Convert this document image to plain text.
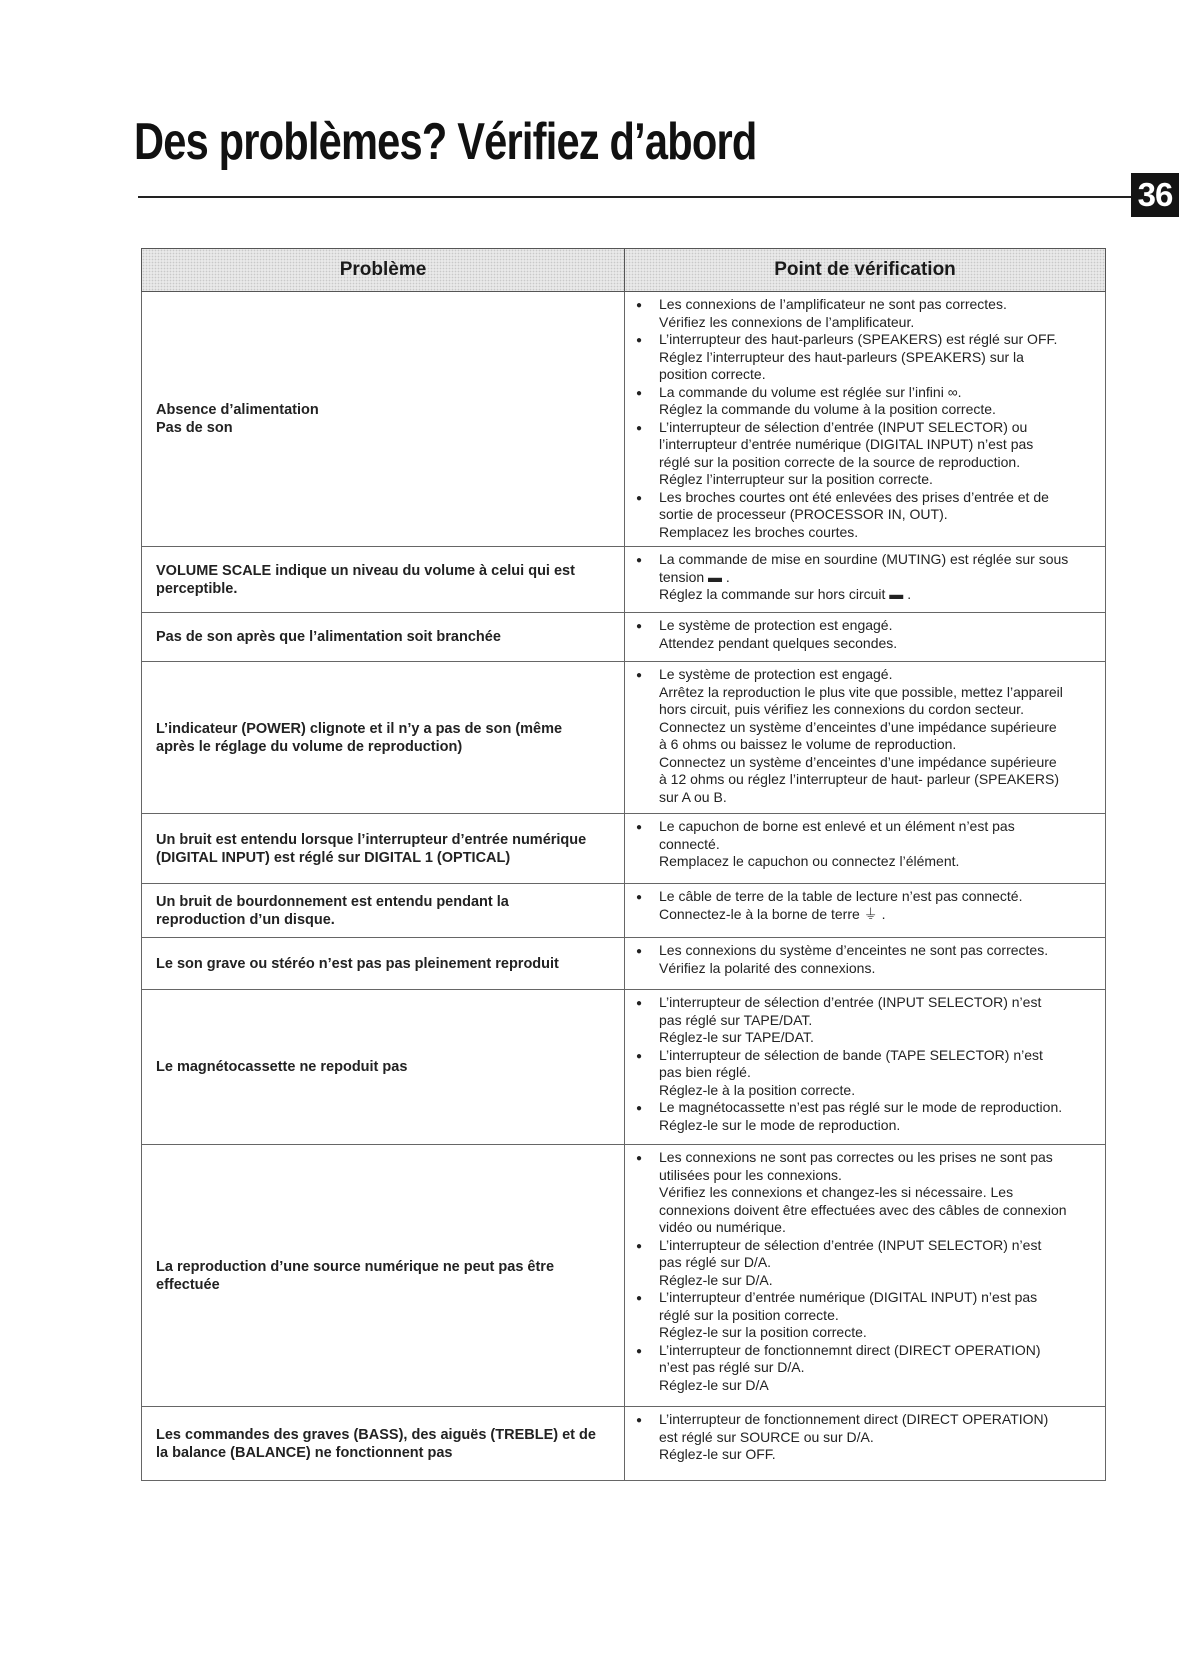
Des problèmes? Vérifiez d’abord
36
Problème	Point de vérification
Absence d’alimentation
Pas de son
●
Les connexions de l’amplificateur ne sont pas correctes.
Vérifiez les connexions de l’amplificateur.
●
L’interrupteur des haut-parleurs (SPEAKERS) est réglé sur OFF.
Réglez l’interrupteur des haut-parleurs (SPEAKERS) sur la
position correcte.
●
La commande du volume est réglée sur l’infini ∞.
Réglez la commande du volume à la position correcte.
●
L’interrupteur de sélection d’entrée (INPUT SELECTOR) ou
l’interrupteur d’entrée numérique (DIGITAL INPUT) n’est pas
réglé sur la position correcte de la source de reproduction.
Réglez l’interrupteur sur la position correcte.
●
Les broches courtes ont été enlevées des prises d’entrée et de
sortie de processeur (PROCESSOR IN, OUT).
Remplacez les broches courtes.
VOLUME SCALE indique un niveau du volume à celui qui est
perceptible.
●
La commande de mise en sourdine (MUTING) est réglée sur sous
tension ▬ .
Réglez la commande sur hors circuit ▬ .
Pas de son après que l’alimentation soit branchée
●
Le système de protection est engagé.
Attendez pendant quelques secondes.
L’indicateur (POWER) clignote et il n’y a pas de son (même
après le réglage du volume de reproduction)
●
Le système de protection est engagé.
Arrêtez la reproduction le plus vite que possible, mettez l’appareil
hors circuit, puis vérifiez les connexions du cordon secteur.
Connectez un système d’enceintes d’une impédance supérieure
à 6 ohms ou baissez le volume de reproduction.
Connectez un système d’enceintes d’une impédance supérieure
à 12 ohms ou réglez l’interrupteur de haut- parleur (SPEAKERS)
sur A ou B.
Un bruit est entendu lorsque l’interrupteur d’entrée numérique
(DIGITAL INPUT) est réglé sur DIGITAL 1 (OPTICAL)
●
Le capuchon de borne est enlevé et un élément n’est pas
connecté.
Remplacez le capuchon ou connectez l’élément.
Un bruit de bourdonnement est entendu pendant la
reproduction d’un disque.
●
Le câble de terre de la table de lecture n’est pas connecté.
Connectez-le à la borne de terre ⏚ .
Le son grave ou stéréo n’est pas pas pleinement reproduit
●
Les connexions du système d’enceintes ne sont pas correctes.
Vérifiez la polarité des connexions.
Le magnétocassette ne repoduit pas
●
L’interrupteur de sélection d’entrée (INPUT SELECTOR) n’est
pas réglé sur TAPE/DAT.
Réglez-le sur TAPE/DAT.
●
L’interrupteur de sélection de bande (TAPE SELECTOR) n’est
pas bien réglé.
Réglez-le à la position correcte.
●
Le magnétocassette n’est pas réglé sur le mode de reproduction.
Réglez-le sur le mode de reproduction.
La reproduction d’une source numérique ne peut pas être
effectuée
●
Les connexions ne sont pas correctes ou les prises ne sont pas
utilisées pour les connexions.
Vérifiez les connexions et changez-les si nécessaire. Les
connexions doivent être effectuées avec des câbles de connexion
vidéo ou numérique.
●
L’interrupteur de sélection d’entrée (INPUT SELECTOR) n’est
pas réglé sur D/A.
Réglez-le sur D/A.
●
L’interrupteur d’entrée numérique (DIGITAL INPUT) n’est pas
réglé sur la position correcte.
Réglez-le sur la position correcte.
●
L’interrupteur de fonctionnemnt direct (DIRECT OPERATION)
n’est pas réglé sur D/A.
Réglez-le sur D/A
Les commandes des graves (BASS), des aiguës (TREBLE) et de
la balance (BALANCE) ne fonctionnent pas
●
L’interrupteur de fonctionnement direct (DIRECT OPERATION)
est réglé sur SOURCE ou sur D/A.
Réglez-le sur OFF.
